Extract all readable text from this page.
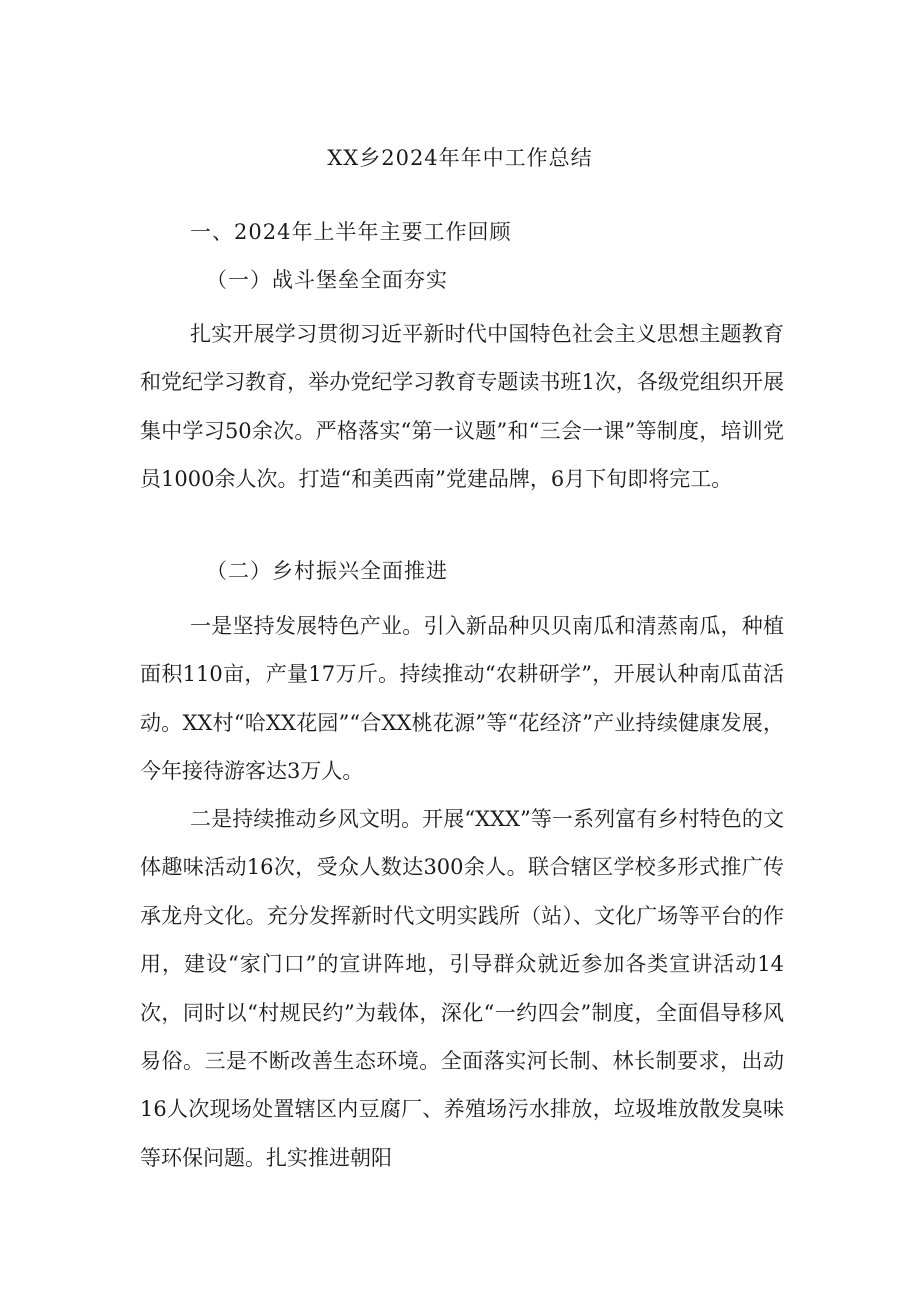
XX乡2024年年中工作总结
一、2024年上半年主要工作回顾
（一）战斗堡垒全面夯实

扎实开展学习贯彻习近平新时代中国特色社会主义思想主题教育和党纪学习教育，举办党纪学习教育专题读书班1次，各级党组织开展集中学习50余次。严格落实“第一议题”和“三会一课”等制度，培训党员1000余人次。打造“和美西南”党建品牌，6月下旬即将完工。

（二）乡村振兴全面推进

一是坚持发展特色产业。引入新品种贝贝南瓜和清蒸南瓜，种植面积110亩，产量17万斤。持续推动“农耕研学”，开展认种南瓜苗活动。XX村“哈XX花园”“合XX桃花源”等“花经济”产业持续健康发展，今年接待游客达3万人。

二是持续推动乡风文明。开展“XXX”等一系列富有乡村特色的文体趣味活动16次，受众人数达300余人。联合辖区学校多形式推广传承龙舟文化。充分发挥新时代文明实践所（站）、文化广场等平台的作用，建设“家门口”的宣讲阵地，引导群众就近参加各类宣讲活动14次，同时以“村规民约”为载体，深化“一约四会”制度，全面倡导移风易俗。三是不断改善生态环境。全面落实河长制、林长制要求，出动16人次现场处置辖区内豆腐厂、养殖场污水排放，垃圾堆放散发臭味等环保问题。扎实推进朝阳
